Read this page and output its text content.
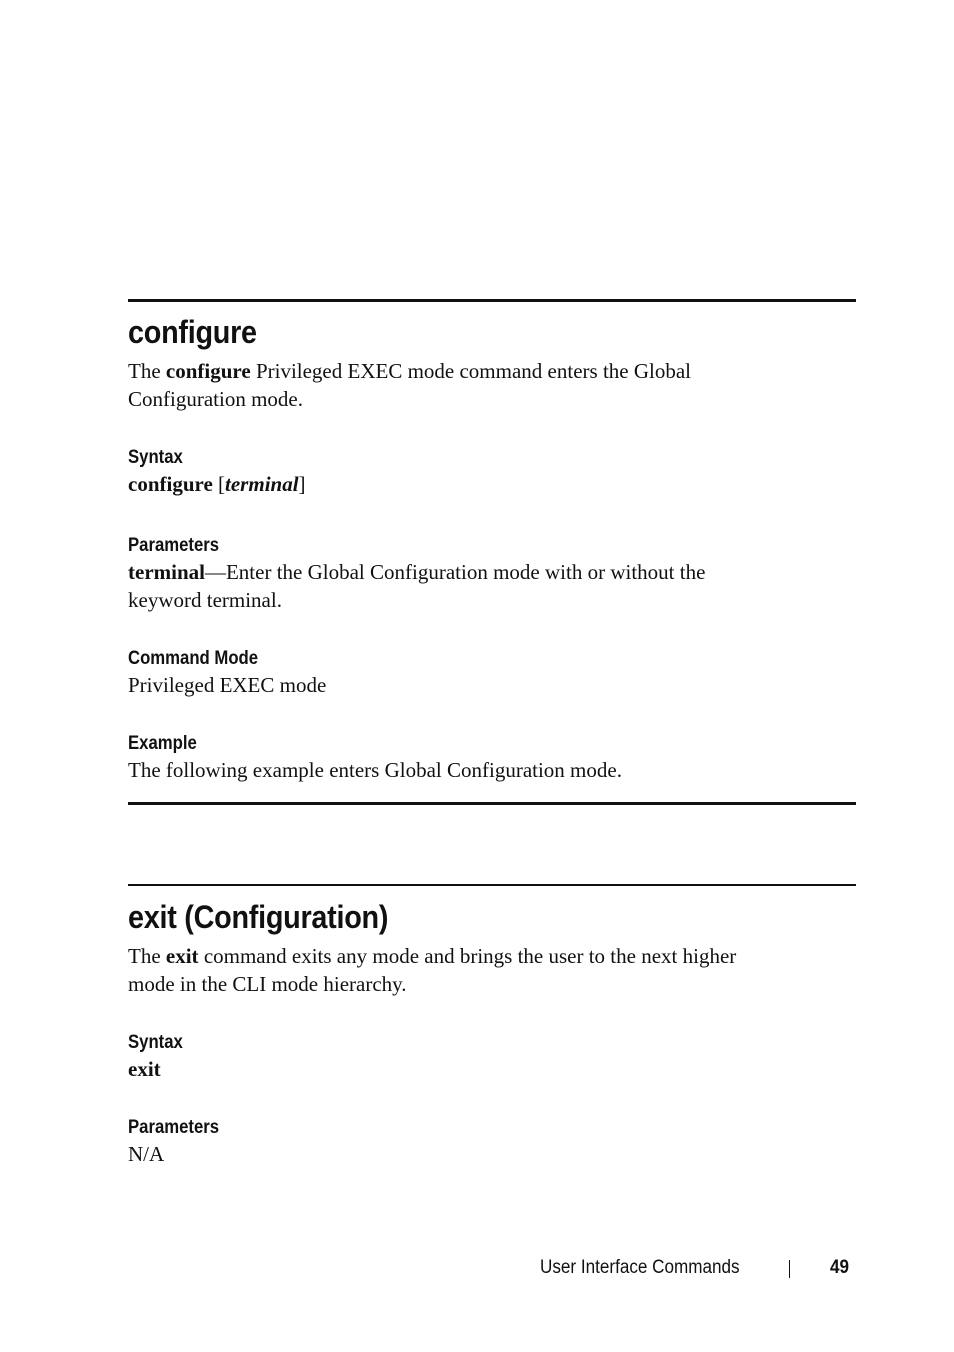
configure
The configure Privileged EXEC mode command enters the Global
Configuration mode.
Syntax
configure [terminal]
Parameters
terminal—Enter the Global Configuration mode with or without the
keyword terminal.
Command Mode
Privileged EXEC mode
Example
The following example enters Global Configuration mode.
exit (Configuration)
The exit command exits any mode and brings the user to the next higher
mode in the CLI mode hierarchy.
Syntax
exit
Parameters
N/A
User Interface Commands	49
